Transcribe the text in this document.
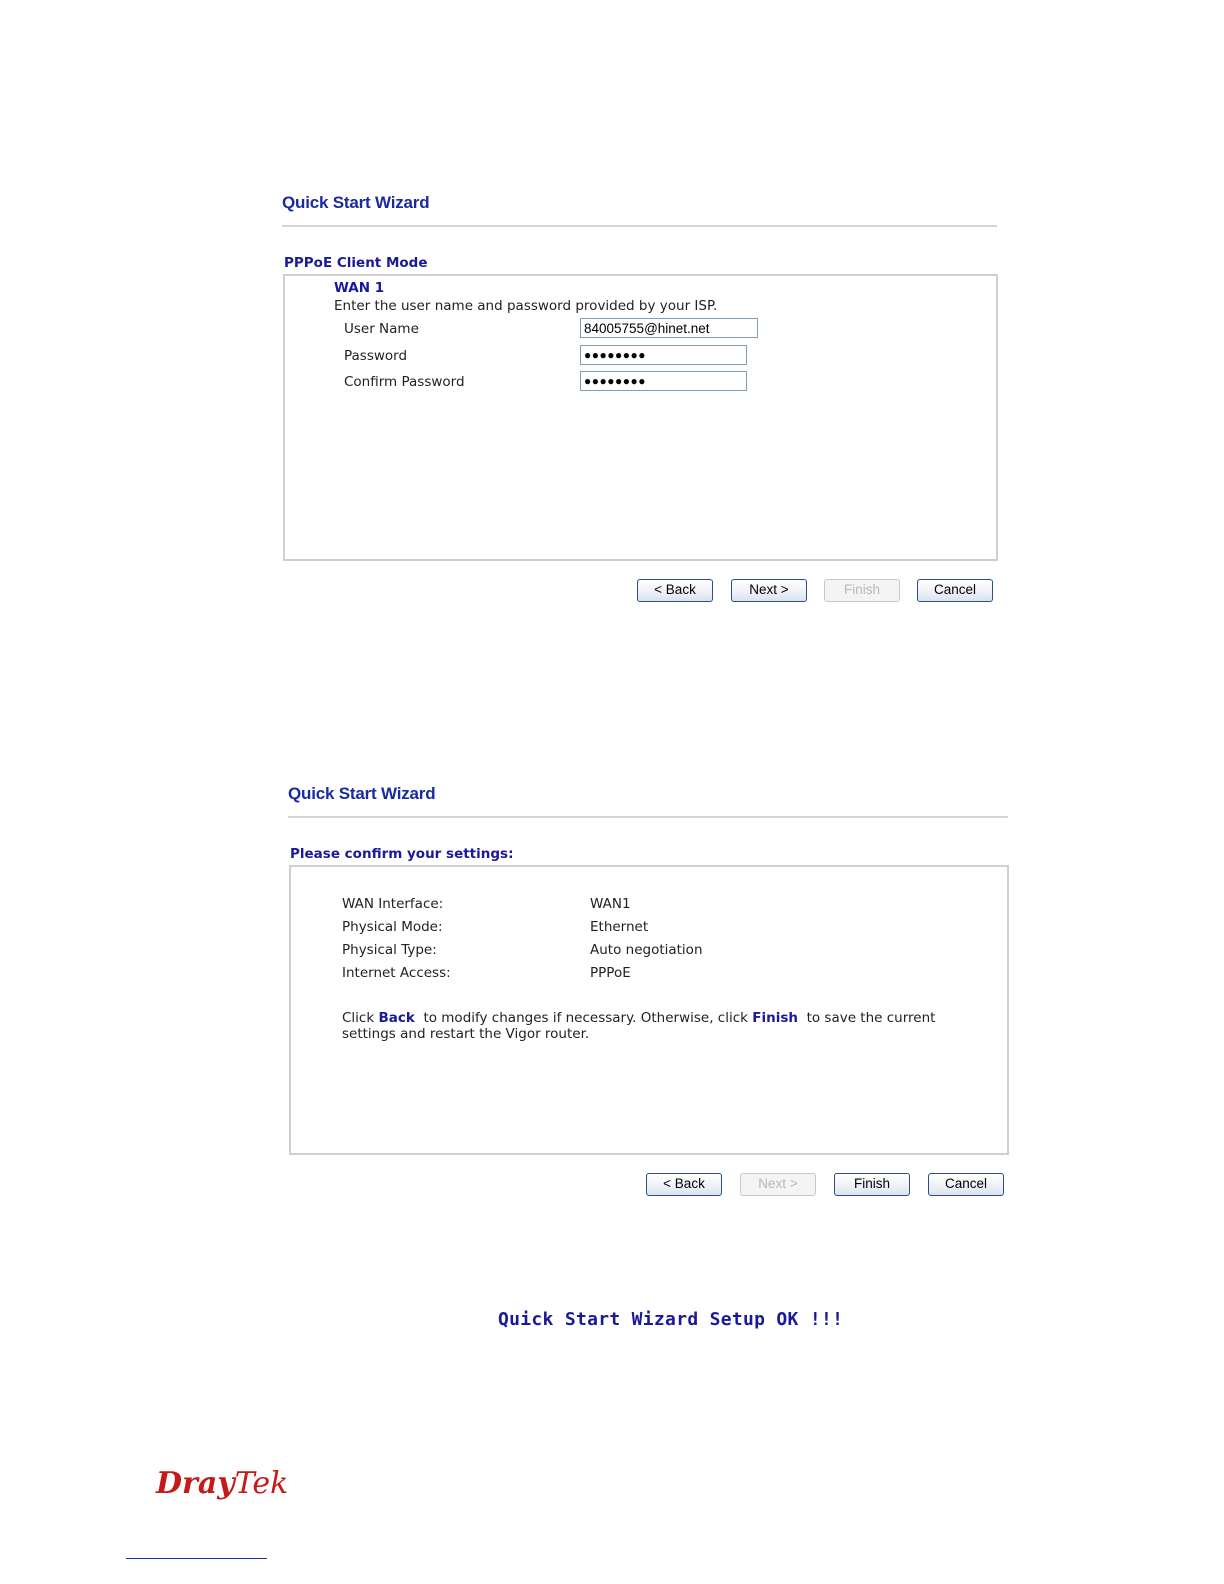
Quick Start Wizard
PPPoE Client Mode
WAN 1
Enter the user name and password provided by your ISP.
User Name	84005755@hinet.net
Password	●●●●●●●●
Confirm Password	●●●●●●●●
< Back	Next >	Finish	Cancel
Quick Start Wizard
Please confirm your settings:
WAN Interface:	WAN1
Physical Mode:	Ethernet
Physical Type:	Auto negotiation
Internet Access:	PPPoE
Click Back  to modify changes if necessary. Otherwise, click Finish  to save the current
settings and restart the Vigor router.
< Back	Next >	Finish	Cancel
Quick Start Wizard Setup OK !!!
DrayTek
